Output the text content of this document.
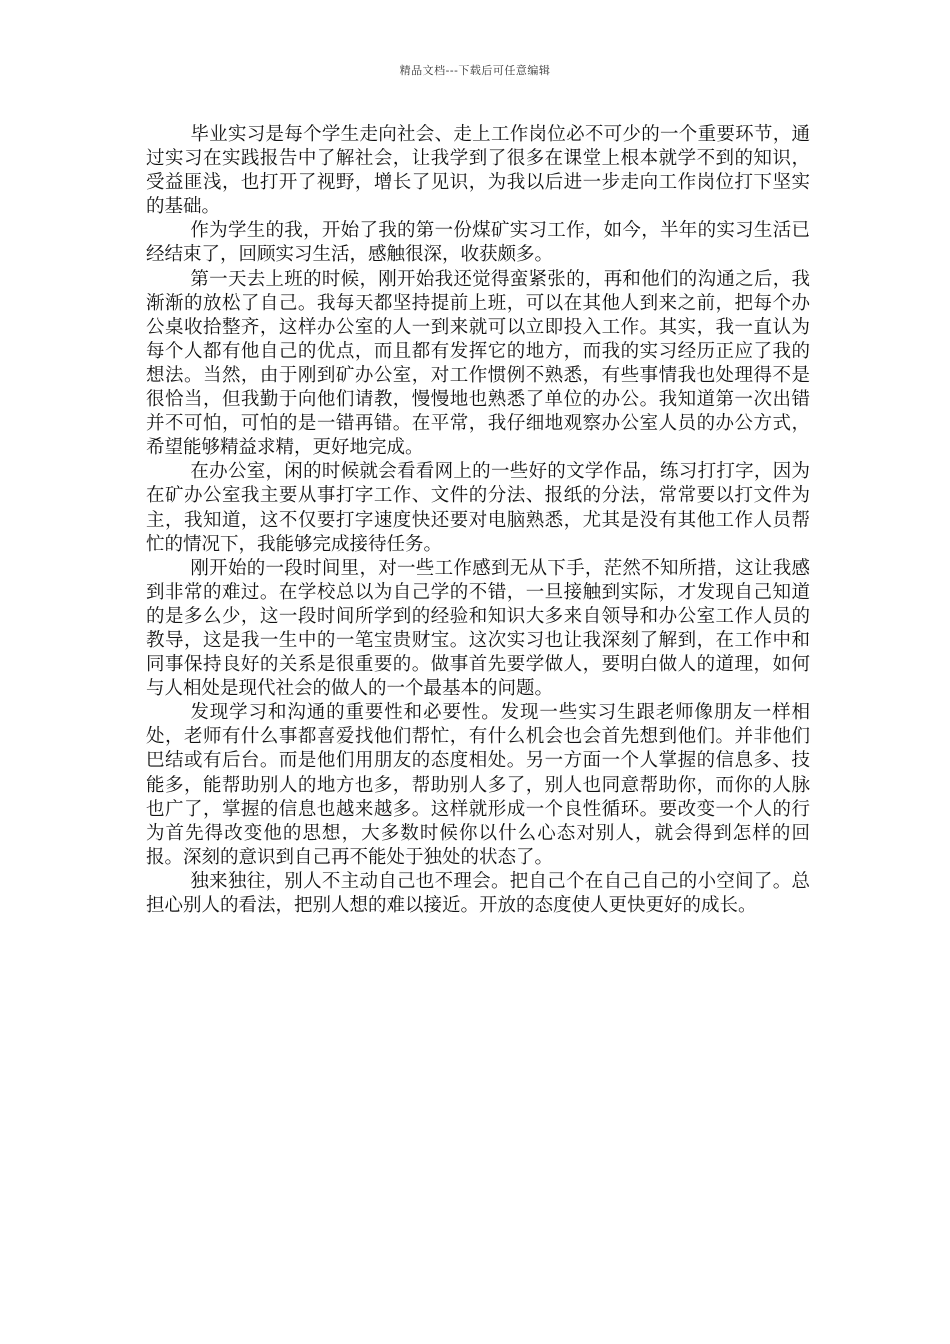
精品文档---下载后可任意编辑

毕业实习是每个学生走向社会、走上工作岗位必不可少的一个重要环节，通过实习在实践报告中了解社会，让我学到了很多在课堂上根本就学不到的知识，受益匪浅，也打开了视野，增长了见识，为我以后进一步走向工作岗位打下坚实的基础。

作为学生的我，开始了我的第一份煤矿实习工作，如今，半年的实习生活已经结束了，回顾实习生活，感触很深，收获颇多。

第一天去上班的时候，刚开始我还觉得蛮紧张的，再和他们的沟通之后，我渐渐的放松了自己。我每天都坚持提前上班，可以在其他人到来之前，把每个办公桌收拾整齐，这样办公室的人一到来就可以立即投入工作。其实，我一直认为每个人都有他自己的优点，而且都有发挥它的地方，而我的实习经历正应了我的想法。当然，由于刚到矿办公室，对工作惯例不熟悉，有些事情我也处理得不是很恰当，但我勤于向他们请教，慢慢地也熟悉了单位的办公。我知道第一次出错并不可怕，可怕的是一错再错。在平常，我仔细地观察办公室人员的办公方式，希望能够精益求精，更好地完成。

在办公室，闲的时候就会看看网上的一些好的文学作品，练习打打字，因为在矿办公室我主要从事打字工作、文件的分法、报纸的分法，常常要以打文件为主，我知道，这不仅要打字速度快还要对电脑熟悉，尤其是没有其他工作人员帮忙的情况下，我能够完成接待任务。

刚开始的一段时间里，对一些工作感到无从下手，茫然不知所措，这让我感到非常的难过。在学校总以为自己学的不错，一旦接触到实际，才发现自己知道的是多么少，这一段时间所学到的经验和知识大多来自领导和办公室工作人员的教导，这是我一生中的一笔宝贵财宝。这次实习也让我深刻了解到，在工作中和同事保持良好的关系是很重要的。做事首先要学做人，要明白做人的道理，如何与人相处是现代社会的做人的一个最基本的问题。

发现学习和沟通的重要性和必要性。发现一些实习生跟老师像朋友一样相处，老师有什么事都喜爱找他们帮忙，有什么机会也会首先想到他们。并非他们巴结或有后台。而是他们用朋友的态度相处。另一方面一个人掌握的信息多、技能多，能帮助别人的地方也多，帮助别人多了，别人也同意帮助你，而你的人脉也广了，掌握的信息也越来越多。这样就形成一个良性循环。要改变一个人的行为首先得改变他的思想，大多数时候你以什么心态对别人，就会得到怎样的回报。深刻的意识到自己再不能处于独处的状态了。

独来独往，别人不主动自己也不理会。把自己个在自己自己的小空间了。总担心别人的看法，把别人想的难以接近。开放的态度使人更快更好的成长。
